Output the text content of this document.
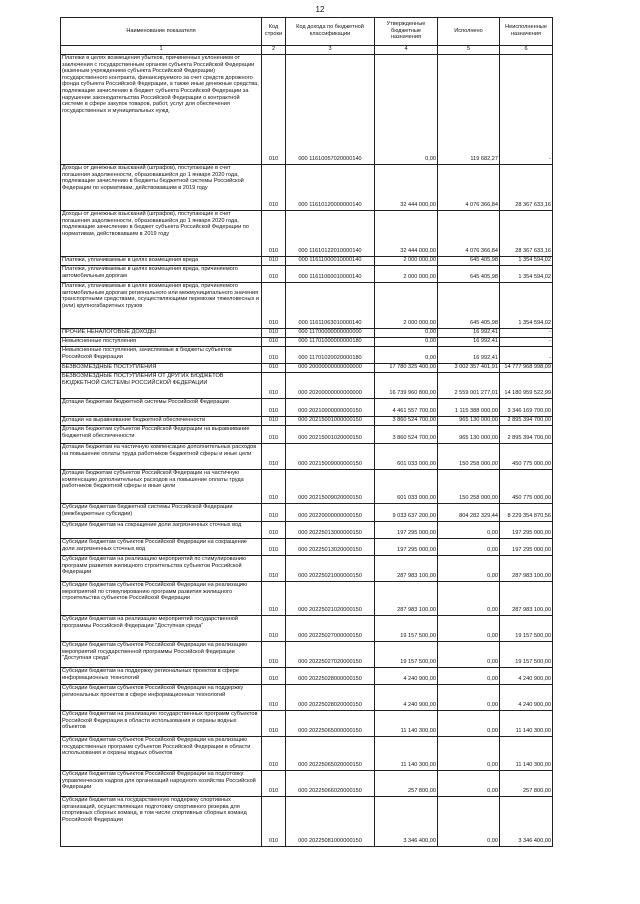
12
Наименование показателя	Код строки	Код дохода по бюджетной классификации	Утвержденные бюджетные назначения	Исполнено	Неисполненные назначения
1	2	3	4	5	6
Платежи в целях возмещения убытков, причиненных уклонением от заключения с государственным органом субъекта Российской Федерации (казенным учреждением субъекта Российской Федерации) государственного контракта, финансируемого за счет средств дорожного фонда субъекта Российской Федерации, а также иные денежные средства, подлежащие зачислению в бюджет субъекта Российской Федерации за нарушение законодательства Российской Федерации о контрактной системе в сфере закупок товаров, работ, услуг для обеспечения государственных и муниципальных нужд	010	000 11610057020000140	0,00	119 682,27	-
Доходы от денежных взысканий (штрафов), поступающие в счет погашения задолженности, образовавшейся до 1 января 2020 года, подлежащие зачислению в бюджеты бюджетной системы Российской Федерации по нормативам, действовавшим в 2019 году	010	000 11610120000000140	32 444 000,00	4 076 366,84	28 367 633,16
Доходы от денежных взысканий (штрафов), поступающие в счет погашения задолженности, образовавшейся до 1 января 2020 года, подлежащие зачислению в бюджет субъекта Российской Федерации по нормативам, действовавшим в 2019 году	010	000 11610122010000140	32 444 000,00	4 076 366,84	28 367 633,16
Платежи, уплачиваемые в целях возмещения вреда	010	000 11611000010000140	2 000 000,00	645 405,98	1 354 594,02
Платежи, уплачиваемые в целях возмещения вреда, причиняемого автомобильным дорогам	010	000 11611060010000140	2 000 000,00	645 405,98	1 354 594,02
Платежи, уплачиваемые в целях возмещения вреда, причиняемого автомобильным дорогам регионального или межмуниципального значения транспортными средствами, осуществляющими перевозки тяжеловесных и (или) крупногабаритных грузов	010	000 11611063010000140	2 000 000,00	645 405,98	1 354 594,02
ПРОЧИЕ НЕНАЛОГОВЫЕ ДОХОДЫ	010	000 11700000000000000	0,00	16 992,41	-
Невыясненные поступления	010	000 11701000000000180	0,00	16 992,41	-
Невыясненные поступления, зачисляемые в бюджеты субъектов Российской Федерации	010	000 11701020020000180	0,00	16 992,41	-
БЕЗВОЗМЕЗДНЫЕ ПОСТУПЛЕНИЯ	010	000 20000000000000000	17 780 325 400,00	3 002 357 401,91	14 777 968 998,09
БЕЗВОЗМЕЗДНЫЕ ПОСТУПЛЕНИЯ ОТ ДРУГИХ БЮДЖЕТОВ БЮДЖЕТНОЙ СИСТЕМЫ РОССИЙСКОЙ ФЕДЕРАЦИИ	010	000 20200000000000000	16 739 960 800,00	2 559 001 277,01	14 180 959 522,99
Дотации бюджетам бюджетной системы Российской Федерации	010	000 20210000000000150	4 461 557 700,00	1 115 388 000,00	3 346 169 700,00
Дотации на выравнивание бюджетной обеспеченности	010	000 20215001000000150	3 860 524 700,00	965 130 000,00	2 895 394 700,00
Дотации бюджетам субъектов Российской Федерации на выравнивание бюджетной обеспеченности	010	000 20215001020000150	3 860 524 700,00	965 130 000,00	2 895 394 700,00
Дотации бюджетам на частичную компенсацию дополнительных расходов на повышение оплаты труда работников бюджетной сферы и иные цели	010	000 20215009000000150	601 033 000,00	150 258 000,00	450 775 000,00
Дотации бюджетам субъектов Российской Федерации на частичную компенсацию дополнительных расходов на повышение оплаты труда работников бюджетной сферы и иные цели	010	000 20215009020000150	601 033 000,00	150 258 000,00	450 775 000,00
Субсидии бюджетам бюджетной системы Российской Федерации (межбюджетные субсидии)	010	000 20220000000000150	9 033 637 200,00	804 282 329,44	8 229 354 870,56
Субсидии бюджетам на сокращение доли загрязненных сточных вод	010	000 20225013000000150	197 295 000,00	0,00	197 295 000,00
Субсидии бюджетам субъектов Российской Федерации на сокращение доли загрязненных сточных вод	010	000 20225013020000150	197 295 000,00	0,00	197 295 000,00
Субсидии бюджетам на реализацию мероприятий по стимулированию программ развития жилищного строительства субъектов Российской Федерации	010	000 20225021000000150	287 983 100,00	0,00	287 983 100,00
Субсидии бюджетам субъектов Российской Федерации на реализацию мероприятий по стимулированию программ развития жилищного строительства субъектов Российской Федерации	010	000 20225021020000150	287 983 100,00	0,00	287 983 100,00
Субсидии бюджетам на реализацию мероприятий государственной программы Российской Федерации "Доступная среда"	010	000 20225027000000150	19 157 500,00	0,00	19 157 500,00
Субсидии бюджетам субъектов Российской Федерации на реализацию мероприятий государственной программы Российской Федерации "Доступная среда"	010	000 20225027020000150	19 157 500,00	0,00	19 157 500,00
Субсидии бюджетам на поддержку региональных проектов в сфере информационных технологий	010	000 20225028000000150	4 240 900,00	0,00	4 240 900,00
Субсидии бюджетам субъектов Российской Федерации на поддержку региональных проектов в сфере информационных технологий	010	000 20225028020000150	4 240 900,00	0,00	4 240 900,00
Субсидии бюджетам на реализацию государственных программ субъектов Российской Федерации в области использования и охраны водных объектов	010	000 20225065000000150	11 140 300,00	0,00	11 140 300,00
Субсидии бюджетам субъектов Российской Федерации на реализацию государственных программ субъектов Российской Федерации в области использования и охраны водных объектов	010	000 20225065020000150	11 140 300,00	0,00	11 140 300,00
Субсидии бюджетам субъектов Российской Федерации на подготовку управленческих кадров для организаций народного хозяйства Российской Федерации	010	000 20225066020000150	257 800,00	0,00	257 800,00
Субсидии бюджетам на государственную поддержку спортивных организаций, осуществляющих подготовку спортивного резерва для спортивных сборных команд, в том числе спортивных сборных команд Российской Федерации	010	000 20225081000000150	3 346 400,00	0,00	3 346 400,00
